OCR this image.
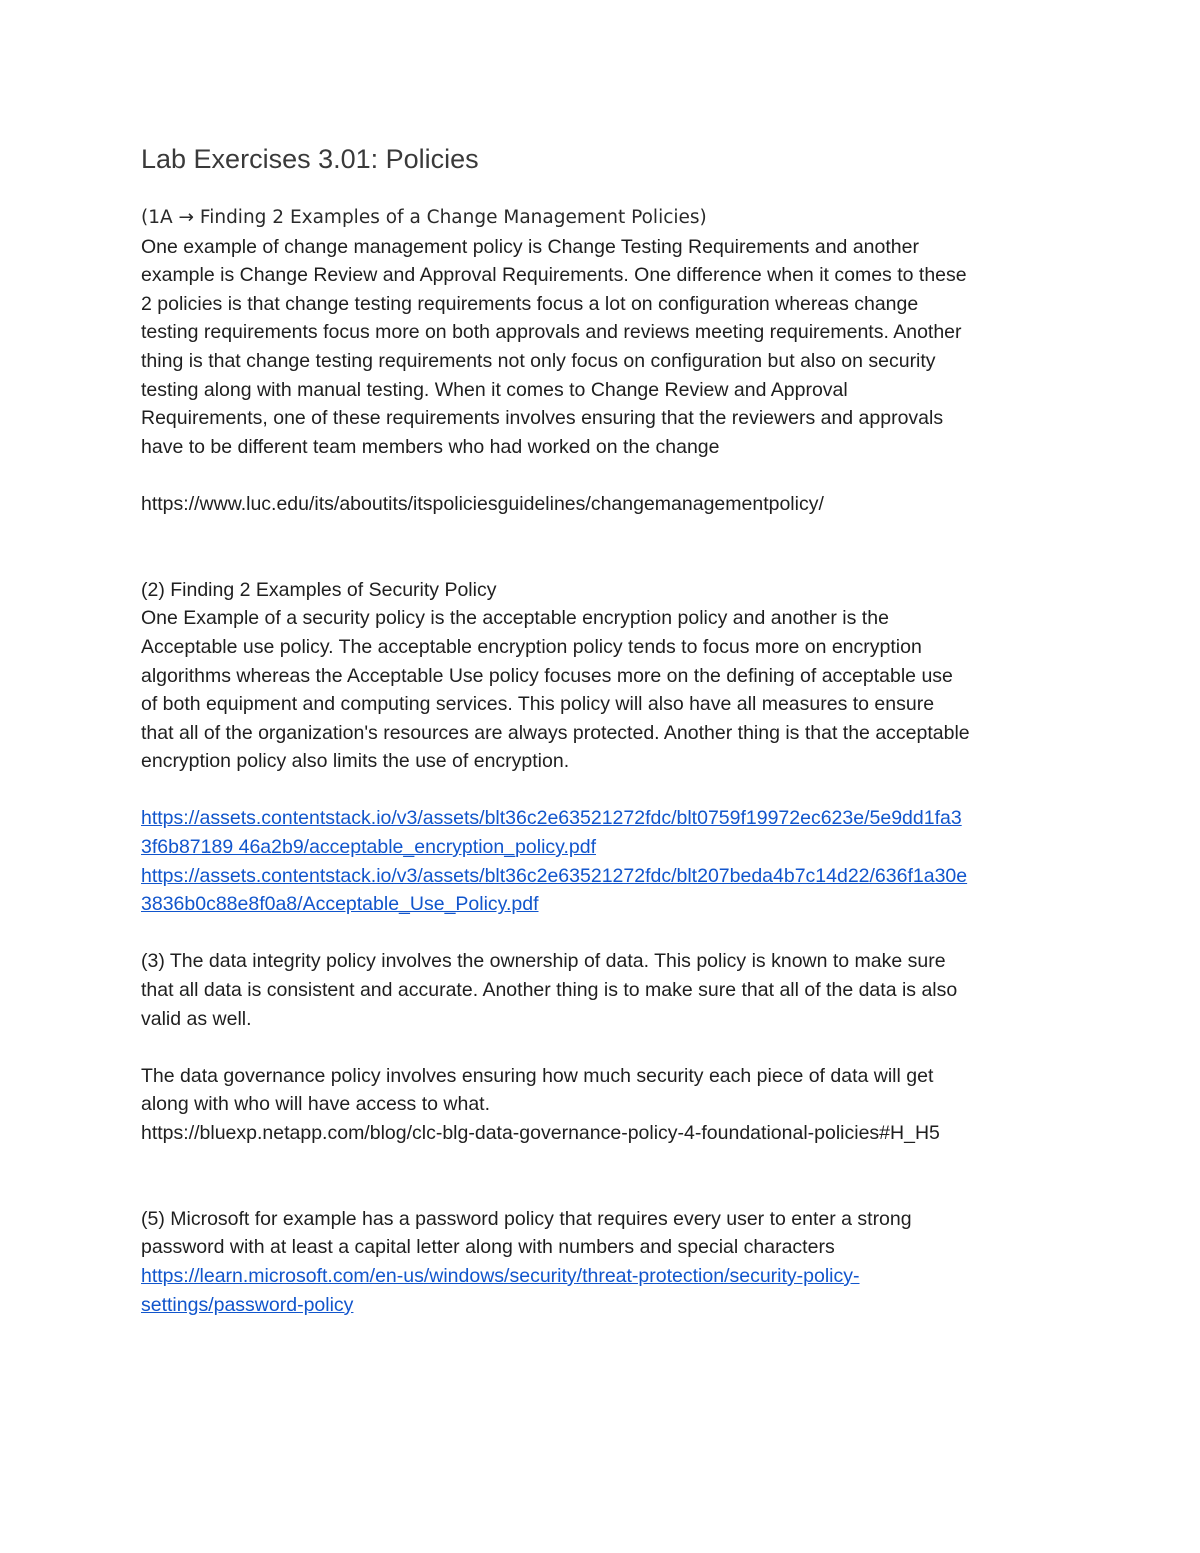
Lab Exercises 3.01: Policies
(1A → Finding 2 Examples of a Change Management Policies)
One example of change management policy is Change Testing Requirements and another
example is Change Review and Approval Requirements. One difference when it comes to these
2 policies is that change testing requirements focus a lot on configuration whereas change
testing requirements focus more on both approvals and reviews meeting requirements. Another
thing is that change testing requirements not only focus on configuration but also on security
testing along with manual testing. When it comes to Change Review and Approval
Requirements, one of these requirements involves ensuring that the reviewers and approvals
have to be different team members who had worked on the change
https://www.luc.edu/its/aboutits/itspoliciesguidelines/changemanagementpolicy/
(2) Finding 2 Examples of Security Policy
One Example of a security policy is the acceptable encryption policy and another is the
Acceptable use policy. The acceptable encryption policy tends to focus more on encryption
algorithms whereas the Acceptable Use policy focuses more on the defining of acceptable use
of both equipment and computing services. This policy will also have all measures to ensure
that all of the organization's resources are always protected. Another thing is that the acceptable
encryption policy also limits the use of encryption.
https://assets.contentstack.io/v3/assets/blt36c2e63521272fdc/blt0759f19972ec623e/5e9dd1fa3
3f6b87189 46a2b9/acceptable_encryption_policy.pdf
https://assets.contentstack.io/v3/assets/blt36c2e63521272fdc/blt207beda4b7c14d22/636f1a30e
3836b0c88e8f0a8/Acceptable_Use_Policy.pdf
(3) The data integrity policy involves the ownership of data. This policy is known to make sure
that all data is consistent and accurate. Another thing is to make sure that all of the data is also
valid as well.
The data governance policy involves ensuring how much security each piece of data will get
along with who will have access to what.
https://bluexp.netapp.com/blog/clc-blg-data-governance-policy-4-foundational-policies#H_H5
(5) Microsoft for example has a password policy that requires every user to enter a strong
password with at least a capital letter along with numbers and special characters
https://learn.microsoft.com/en-us/windows/security/threat-protection/security-policy-
settings/password-policy
